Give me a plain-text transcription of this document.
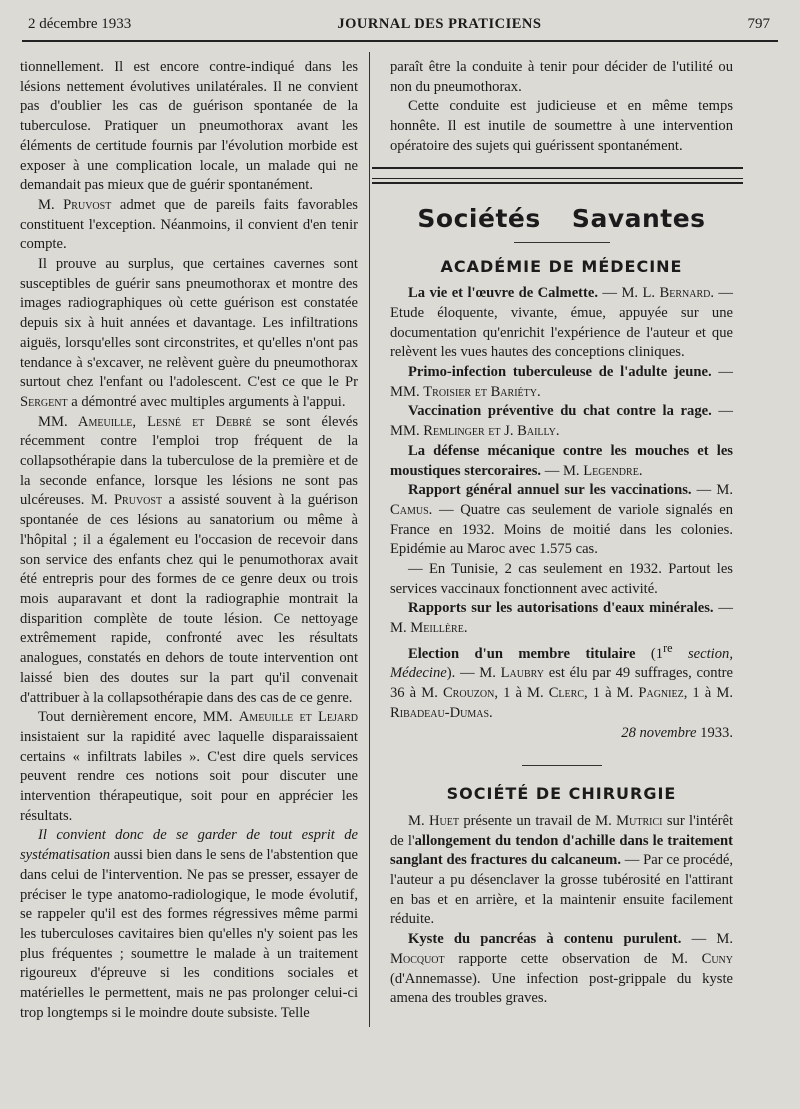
2 décembre 1933	JOURNAL DES PRATICIENS	797

tionnellement. Il est encore contre-indiqué dans les lésions nettement évolutives unilatérales. Il ne convient pas d'oublier les cas de guérison spontanée de la tuberculose. Pratiquer un pneumothorax avant les éléments de certitude fournis par l'évolution morbide est exposer à une complication locale, un malade qui ne demandait pas mieux que de guérir spontanément.

M. Pruvost admet que de pareils faits favorables constituent l'exception. Néanmoins, il convient d'en tenir compte.

Il prouve au surplus, que certaines cavernes sont susceptibles de guérir sans pneumothorax et montre des images radiographiques où cette guérison est constatée depuis six à huit années et davantage. Les infiltrations aiguës, lorsqu'elles sont circonstrites, et qu'elles n'ont pas tendance à s'excaver, ne relèvent guère du pneumothorax surtout chez l'enfant ou l'adolescent. C'est ce que le Pr Sergent a démontré avec multiples arguments à l'appui.

MM. Ameuille, Lesné et Debré se sont élevés récemment contre l'emploi trop fréquent de la collapsothérapie dans la tuberculose de la première et de la seconde enfance, lorsque les lésions ne sont pas ulcéreuses. M. Pruvost a assisté souvent à la guérison spontanée de ces lésions au sanatorium ou même à l'hôpital ; il a également eu l'occasion de recevoir dans son service des enfants chez qui le penumothorax avait été entrepris pour des formes de ce genre deux ou trois mois auparavant et dont la radiographie montrait la disparition complète de toute lésion. Ce nettoyage extrêmement rapide, confronté avec les résultats analogues, constatés en dehors de toute intervention ont laissé bien des doutes sur la part qu'il convenait d'attribuer à la collapsothérapie dans des cas de ce genre.

Tout dernièrement encore, MM. Ameuille et Lejard insistaient sur la rapidité avec laquelle disparaissaient certains « infiltrats labiles ». C'est dire quels services peuvent rendre ces notions soit pour discuter une intervention thérapeutique, soit pour en apprécier les résultats.

Il convient donc de se garder de tout esprit de systématisation aussi bien dans le sens de l'abstention que dans celui de l'intervention. Ne pas se presser, essayer de préciser le type anatomo-radiologique, le mode évolutif, se rappeler qu'il est des formes régressives même parmi les tuberculoses cavitaires bien qu'elles n'y soient pas les plus fréquentes ; soumettre le malade à un traitement rigoureux d'épreuve si les conditions sociales et matérielles le permettent, mais ne pas prolonger celui-ci trop longtemps si le moindre doute subsiste. Telle

paraît être la conduite à tenir pour décider de l'utilité ou non du pneumothorax.

Cette conduite est judicieuse et en même temps honnête. Il est inutile de soumettre à une intervention opératoire des sujets qui guérissent spontanément.

Sociétés Savantes
ACADÉMIE DE MÉDECINE

La vie et l'œuvre de Calmette. — M. L. Bernard. — Etude éloquente, vivante, émue, appuyée sur une documentation qu'enrichit l'expérience de l'auteur et que relèvent les vues hautes des conceptions cliniques.

Primo-infection tuberculeuse de l'adulte jeune. — MM. Troisier et Bariéty.

Vaccination préventive du chat contre la rage. — MM. Remlinger et J. Bailly.

La défense mécanique contre les mouches et les moustiques stercoraires. — M. Legendre.

Rapport général annuel sur les vaccinations. — M. Camus. — Quatre cas seulement de variole signalés en France en 1932. Moins de moitié dans les colonies. Epidémie au Maroc avec 1.575 cas.

— En Tunisie, 2 cas seulement en 1932. Partout les services vaccinaux fonctionnent avec activité.

Rapports sur les autorisations d'eaux minérales. — M. Meillère.

Election d'un membre titulaire (1re section, Médecine). — M. Laubry est élu par 49 suffrages, contre 36 à M. Crouzon, 1 à M. Clerc, 1 à M. Pagniez, 1 à M. Ribadeau-Dumas.

28 novembre 1933.

SOCIÉTÉ DE CHIRURGIE

M. Huet présente un travail de M. Mutrici sur l'intérêt de l'allongement du tendon d'achille dans le traitement sanglant des fractures du calcaneum. — Par ce procédé, l'auteur a pu désenclaver la grosse tubérosité en l'attirant en bas et en arrière, et la maintenir ensuite facilement réduite.

Kyste du pancréas à contenu purulent. — M. Mocquot rapporte cette observation de M. Cuny (d'Annemasse). Une infection post-grippale du kyste amena des troubles graves.
